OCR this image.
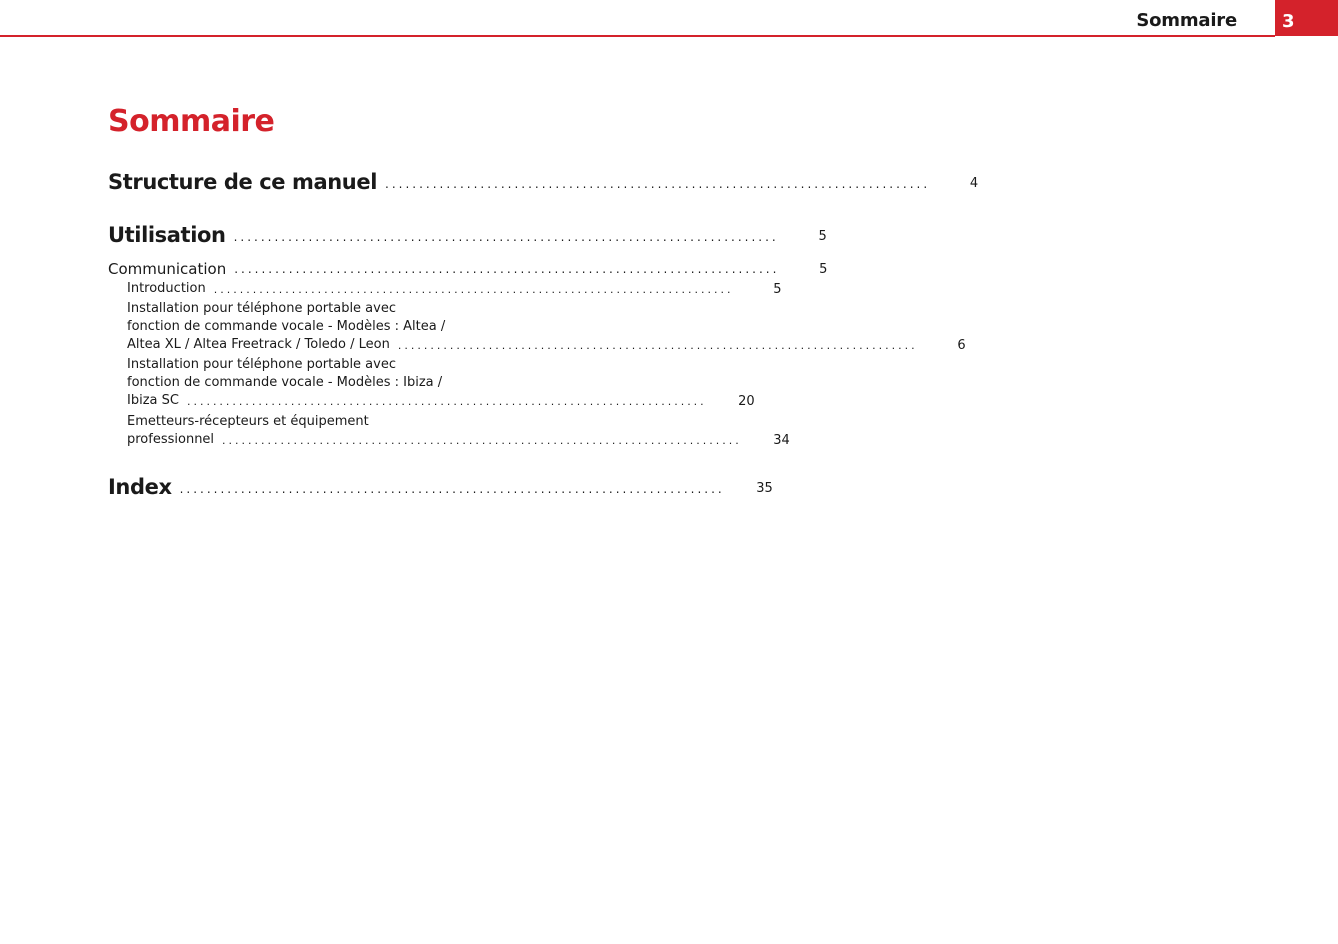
Sommaire	3
Sommaire
Structure de ce manuel ................................................................................	4
Utilisation ................................................................................	5
Communication ................................................................................	5
Introduction ................................................................................	5
Installation pour téléphone portable avec
fonction de commande vocale - Modèles : Altea /
Altea XL / Altea Freetrack / Toledo / Leon ................................................................................	6
Installation pour téléphone portable avec
fonction de commande vocale - Modèles : Ibiza /
Ibiza SC ................................................................................	20
Emetteurs-récepteurs et équipement
professionnel ................................................................................	34
Index ................................................................................	35
